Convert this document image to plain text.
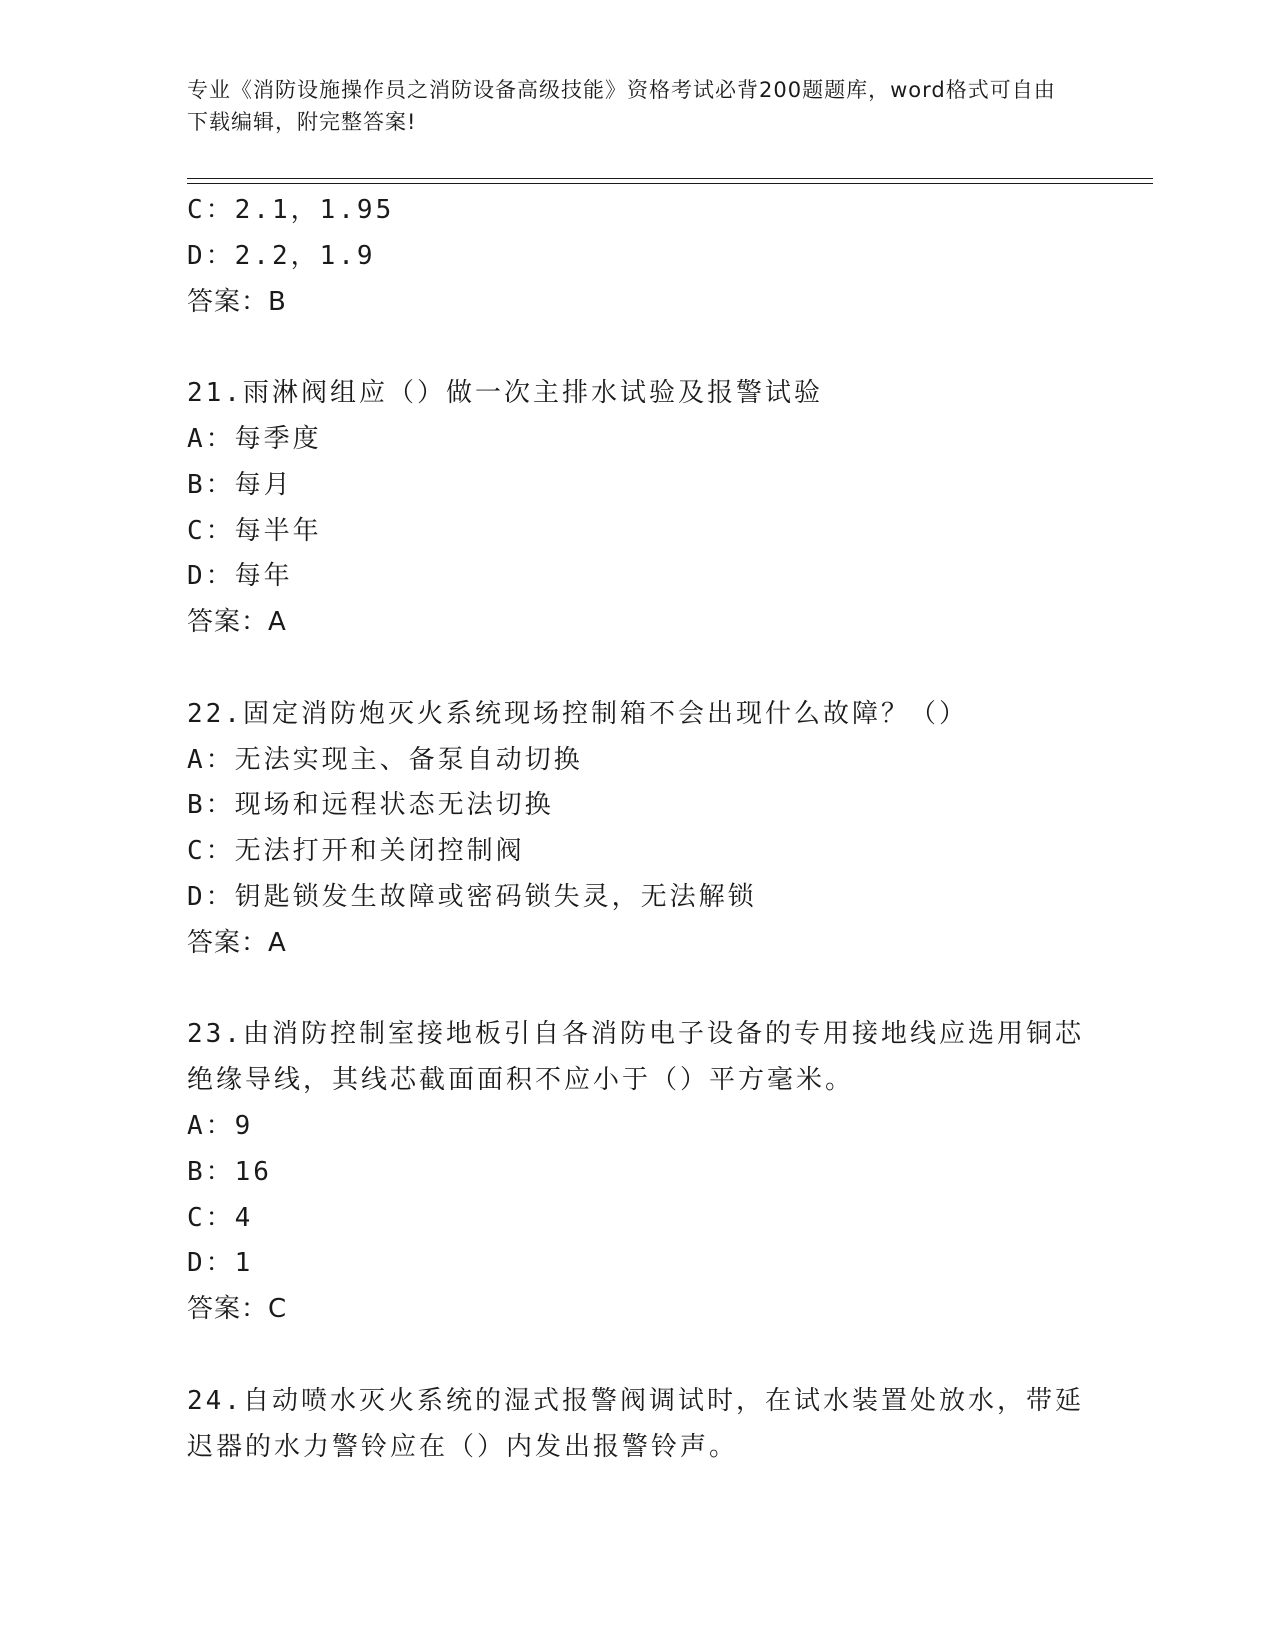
专业《消防设施操作员之消防设备高级技能》资格考试必背200题题库，word格式可自由下载编辑，附完整答案!
C：2.1，1.95
D：2.2，1.9
答案：B
21.雨淋阀组应（）做一次主排水试验及报警试验
A：每季度
B：每月
C：每半年
D：每年
答案：A
22.固定消防炮灭火系统现场控制箱不会出现什么故障？（）
A：无法实现主、备泵自动切换
B：现场和远程状态无法切换
C：无法打开和关闭控制阀
D：钥匙锁发生故障或密码锁失灵，无法解锁
答案：A
23.由消防控制室接地板引自各消防电子设备的专用接地线应选用铜芯绝缘导线，其线芯截面面积不应小于（）平方毫米。
A：9
B：16
C：4
D：1
答案：C
24.自动喷水灭火系统的湿式报警阀调试时，在试水装置处放水，带延迟器的水力警铃应在（）内发出报警铃声。
